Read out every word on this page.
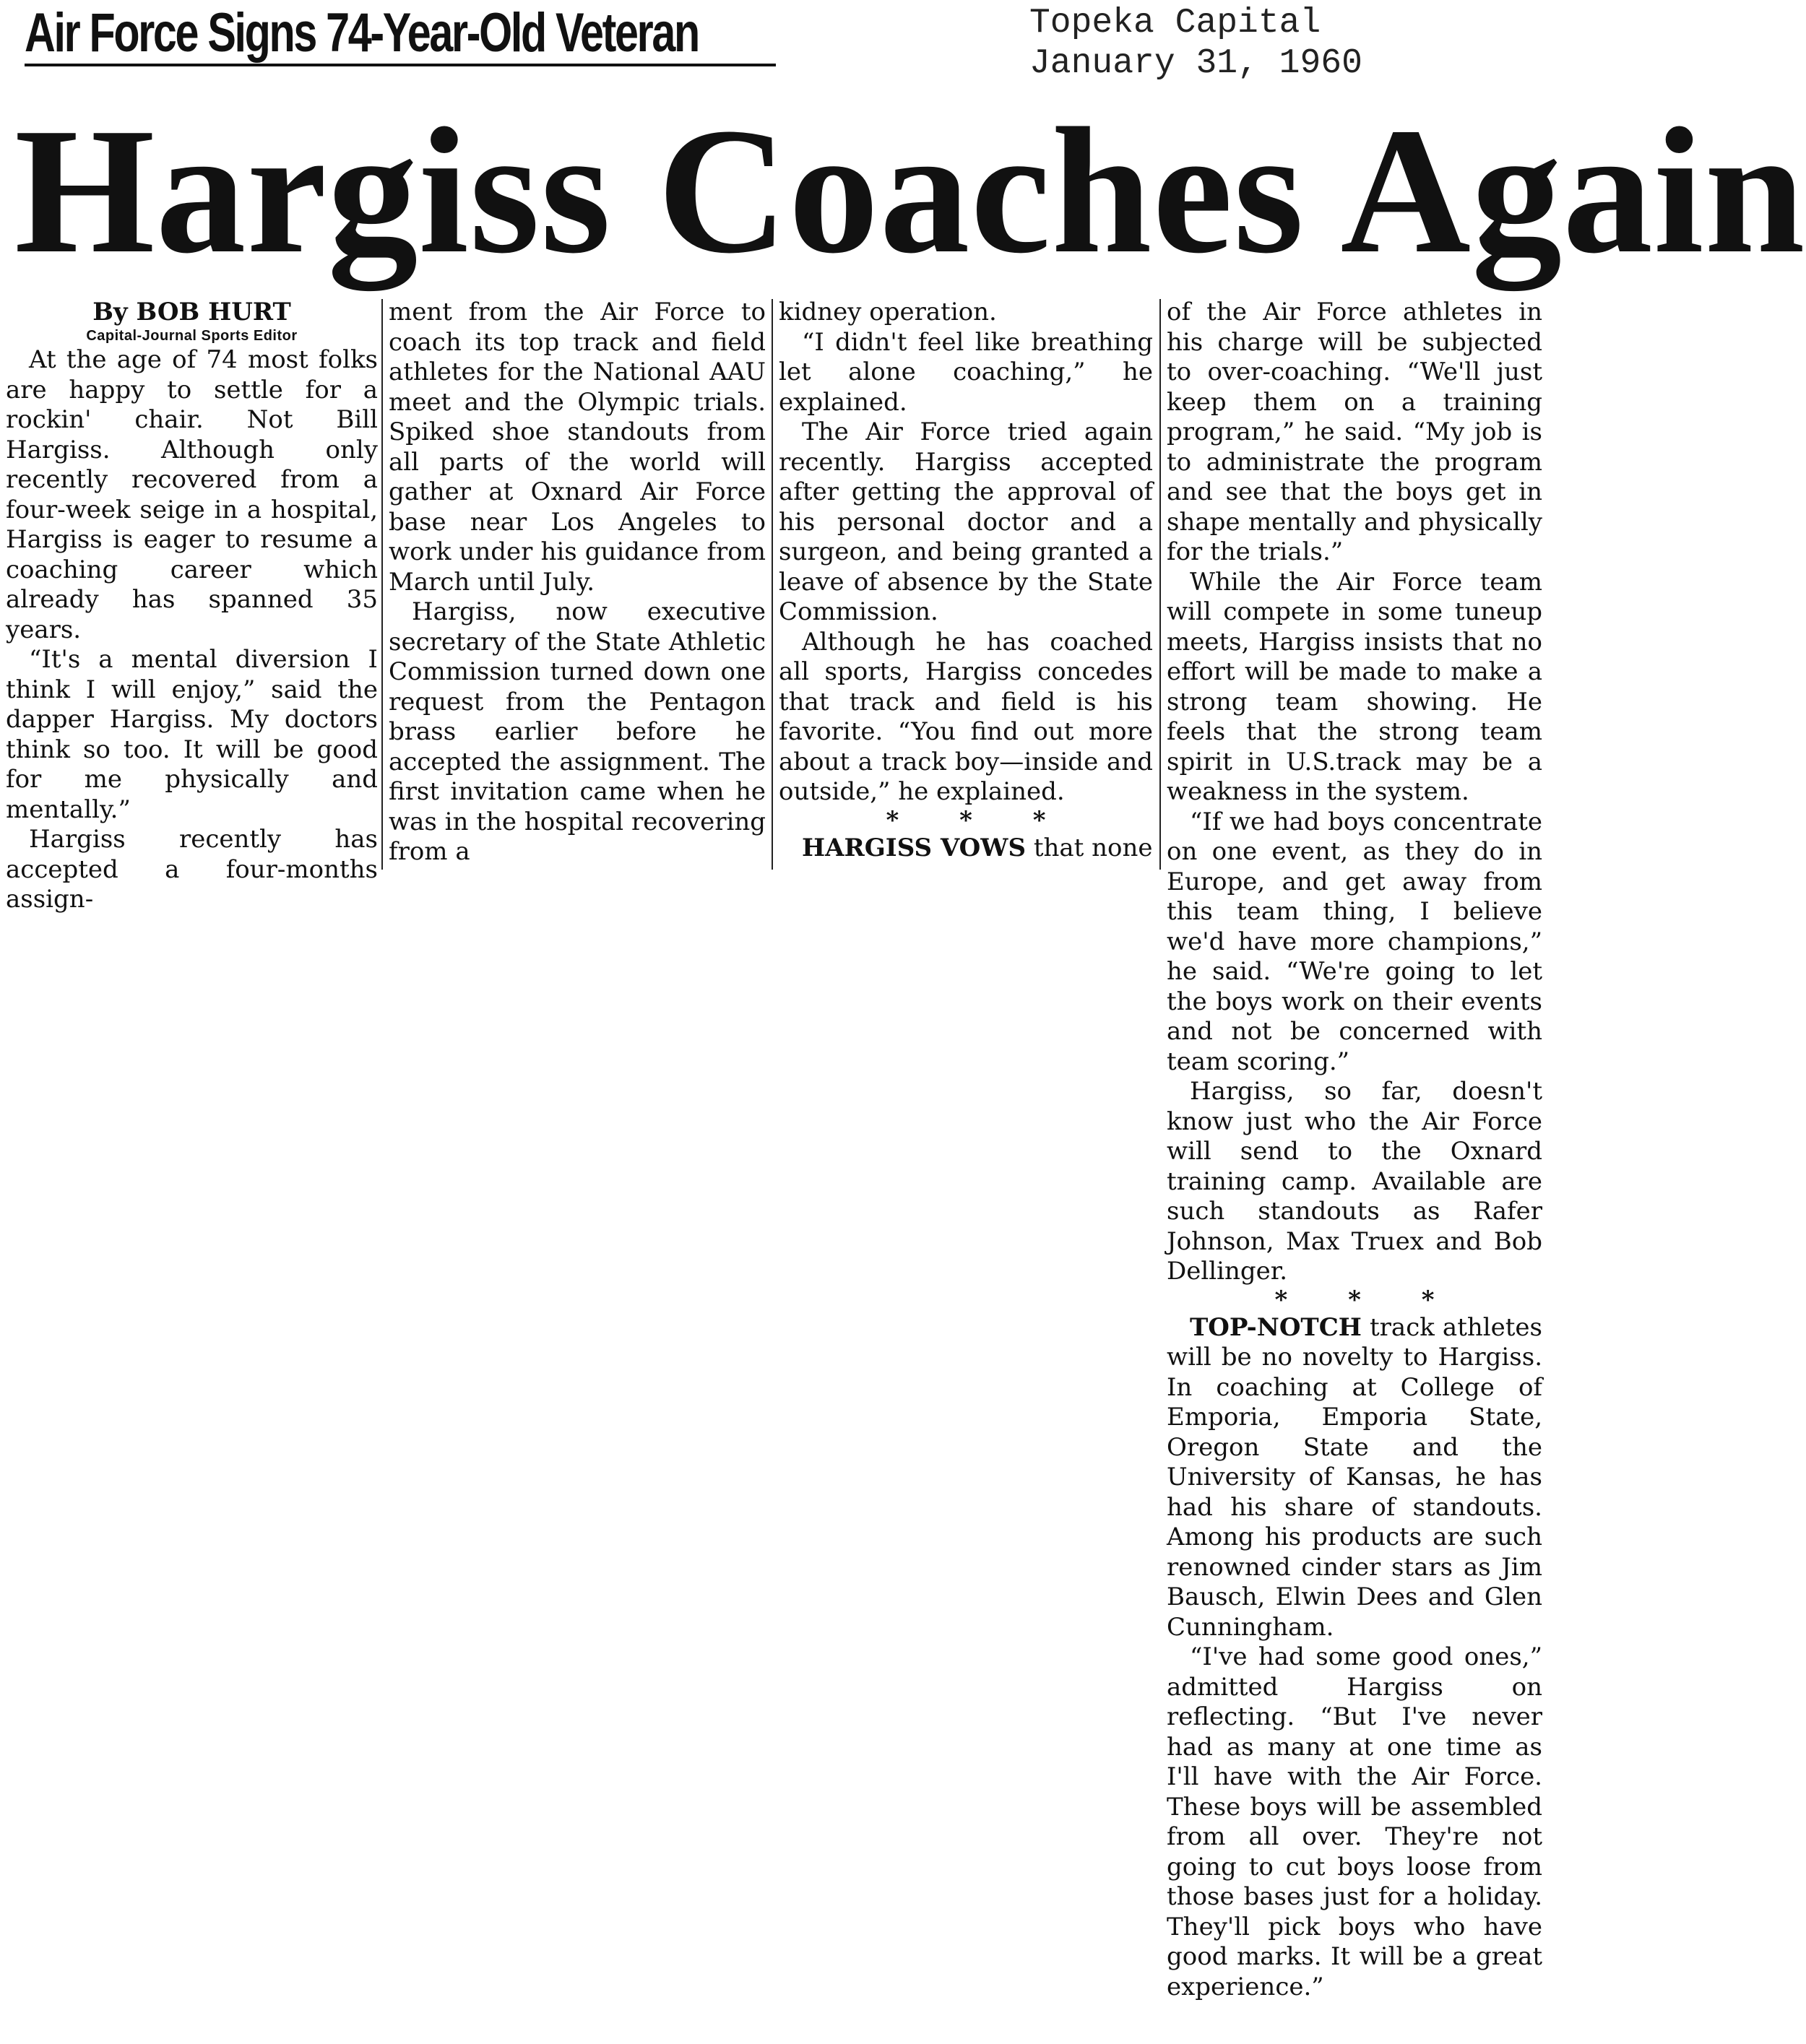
Air Force Signs 74-Year-Old Veteran	Topeka Capital
January 31, 1960
Hargiss Coaches Again
By BOB HURT
Capital-Journal Sports Editor

At the age of 74 most folks are happy to settle for a rockin' chair. Not Bill Hargiss. Although only recently recovered from a four-week seige in a hospital, Hargiss is eager to resume a coaching career which already has spanned 35 years.

“It's a mental diversion I think I will enjoy,” said the dapper Hargiss. My doctors think so too. It will be good for me physically and mentally.”

Hargiss recently has accepted a four-months assign-

ment from the Air Force to coach its top track and field athletes for the National AAU meet and the Olympic trials. Spiked shoe standouts from all parts of the world will gather at Oxnard Air Force base near Los Angeles to work under his guidance from March until July.

Hargiss, now executive secretary of the State Athletic Commission turned down one request from the Pentagon brass earlier before he accepted the assignment. The first invitation came when he was in the hospital recovering from a

kidney operation.

“I didn't feel like breathing let alone coaching,” he explained.

The Air Force tried again recently. Hargiss accepted after getting the approval of his personal doctor and a surgeon, and being granted a leave of absence by the State Commission.

Although he has coached all sports, Hargiss concedes that track and field is his favorite. “You find out more about a track boy—inside and outside,” he explained.

* * *

HARGISS VOWS that none

of the Air Force athletes in his charge will be subjected to over-coaching. “We'll just keep them on a training program,” he said. “My job is to administrate the program and see that the boys get in shape mentally and physically for the trials.”

While the Air Force team will compete in some tuneup meets, Hargiss insists that no effort will be made to make a strong team showing. He feels that the strong team spirit in U.S.track may be a weakness in the system.

“If we had boys concentrate on one event, as they do in Europe, and get away from this team thing, I believe we'd have more champions,” he said. “We're going to let the boys work on their events and not be concerned with team scoring.”

Hargiss, so far, doesn't know just who the Air Force will send to the Oxnard training camp. Available are such standouts as Rafer Johnson, Max Truex and Bob Dellinger.

* * *

TOP-NOTCH track athletes will be no novelty to Hargiss. In coaching at College of Emporia, Emporia State, Oregon State and the University of Kansas, he has had his share of standouts. Among his products are such renowned cinder stars as Jim Bausch, Elwin Dees and Glen Cunningham.

“I've had some good ones,” admitted Hargiss on reflecting. “But I've never had as many at one time as I'll have with the Air Force. These boys will be assembled from all over. They're not going to cut boys loose from those bases just for a holiday. They'll pick boys who have good marks. It will be a great experience.”
